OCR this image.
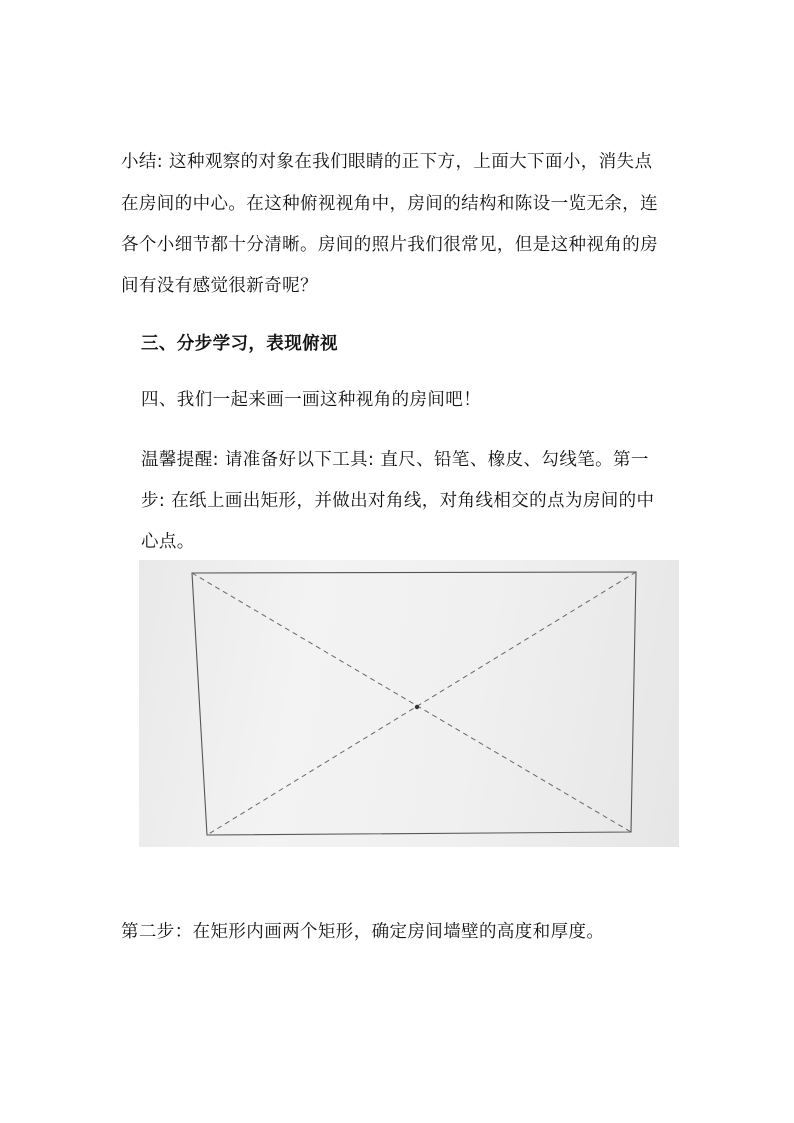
小结: 这种观察的对象在我们眼睛的正下方，上面大下面小，消失点

在房间的中心。在这种俯视视角中，房间的结构和陈设一览无余，连

各个小细节都十分清晰。房间的照片我们很常见，但是这种视角的房

间有没有感觉很新奇呢？

三、分步学习，表现俯视

四、我们一起来画一画这种视角的房间吧！

温馨提醒: 请准备好以下工具: 直尺、铅笔、橡皮、勾线笔。第一

步: 在纸上画出矩形，并做出对角线，对角线相交的点为房间的中

心点。

第二步：在矩形内画两个矩形，确定房间墙壁的高度和厚度。
